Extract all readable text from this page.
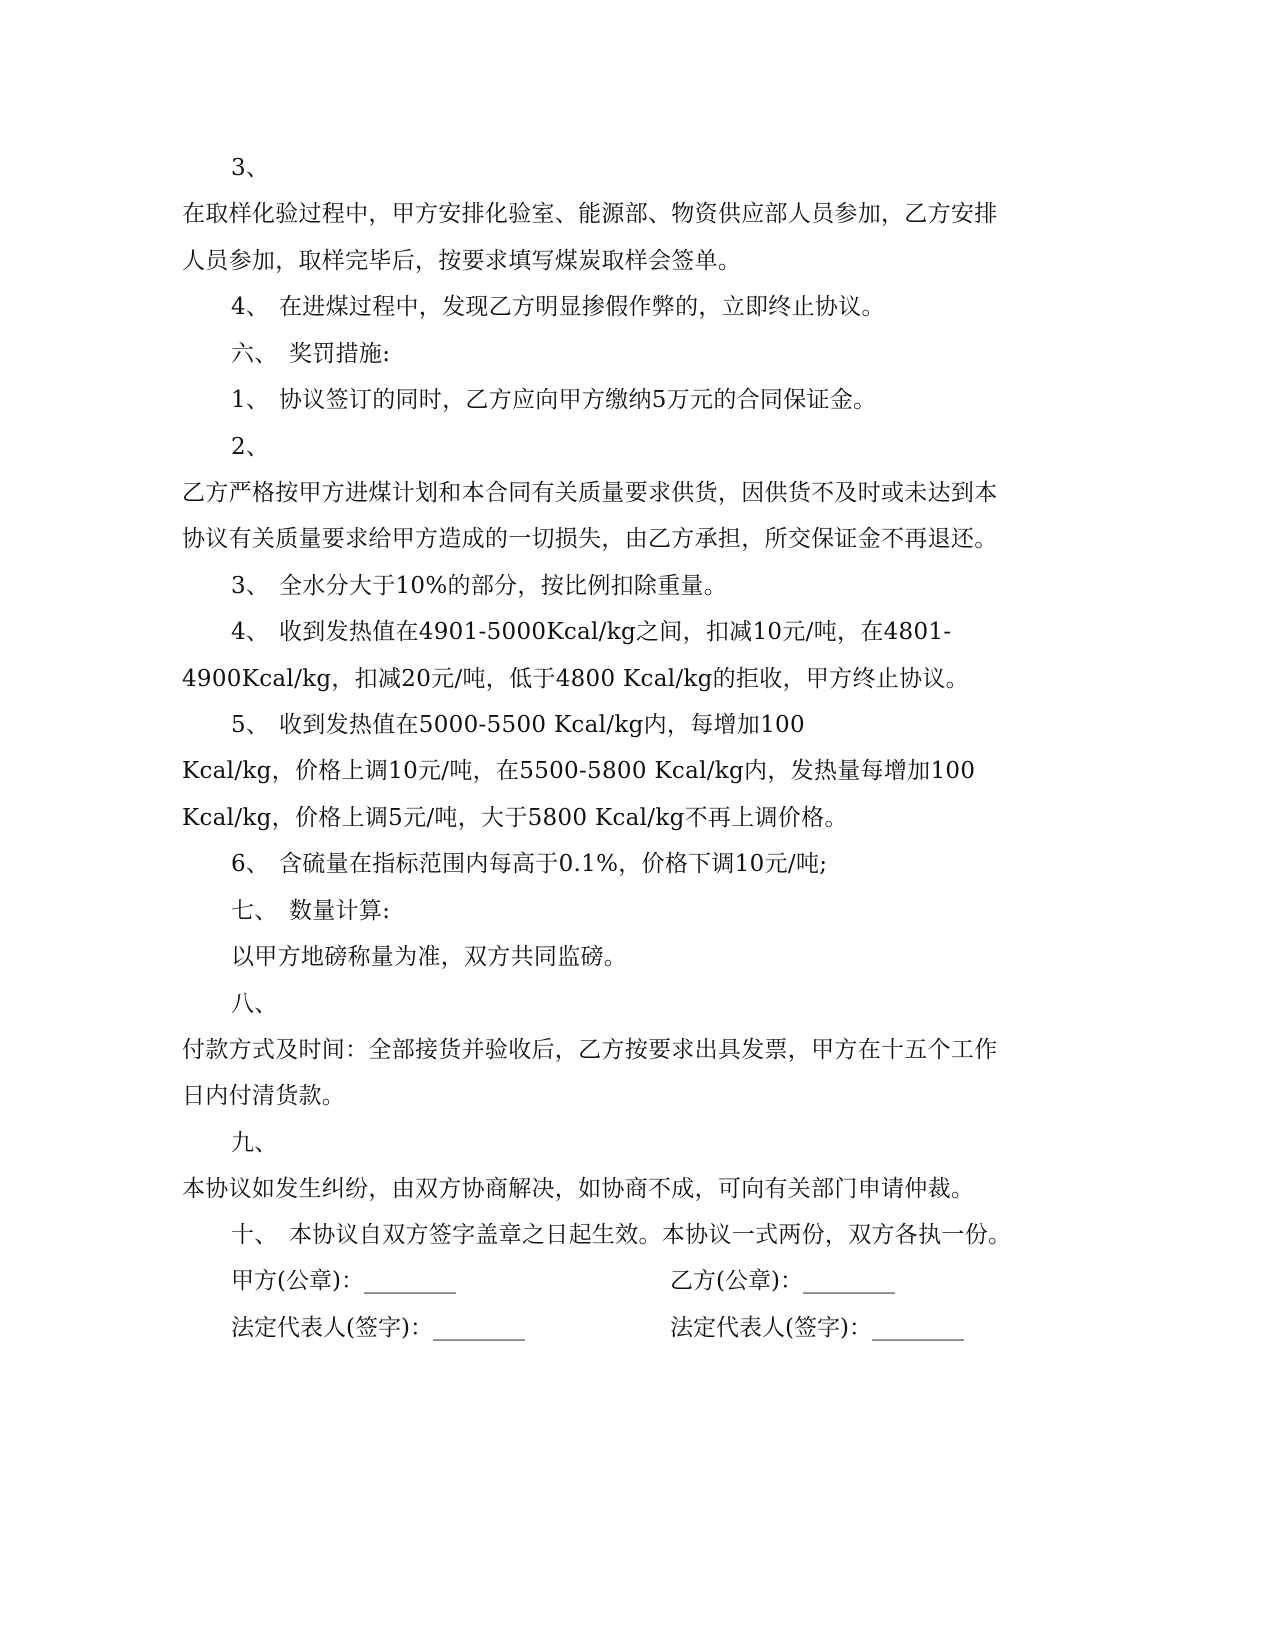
3、
在取样化验过程中，甲方安排化验室、能源部、物资供应部人员参加，乙方安排
人员参加，取样完毕后，按要求填写煤炭取样会签单。
4、 在进煤过程中，发现乙方明显掺假作弊的，立即终止协议。
六、 奖罚措施:
1、 协议签订的同时，乙方应向甲方缴纳5万元的合同保证金。
2、
乙方严格按甲方进煤计划和本合同有关质量要求供货，因供货不及时或未达到本
协议有关质量要求给甲方造成的一切损失，由乙方承担，所交保证金不再退还。
3、 全水分大于10%的部分，按比例扣除重量。
4、 收到发热值在4901-5000Kcal/kg之间，扣减10元/吨，在4801-
4900Kcal/kg，扣减20元/吨，低于4800 Kcal/kg的拒收，甲方终止协议。
5、 收到发热值在5000-5500 Kcal/kg内，每增加100
Kcal/kg，价格上调10元/吨，在5500-5800 Kcal/kg内，发热量每增加100
Kcal/kg，价格上调5元/吨，大于5800 Kcal/kg不再上调价格。
6、 含硫量在指标范围内每高于0.1%，价格下调10元/吨;
七、 数量计算:
以甲方地磅称量为准，双方共同监磅。
八、
付款方式及时间：全部接货并验收后，乙方按要求出具发票，甲方在十五个工作
日内付清货款。
九、
本协议如发生纠纷，由双方协商解决，如协商不成，可向有关部门申请仲裁。
十、 本协议自双方签字盖章之日起生效。本协议一式两份，双方各执一份。
甲方(公章)：________	乙方(公章)：________
法定代表人(签字)：________	法定代表人(签字)：________
